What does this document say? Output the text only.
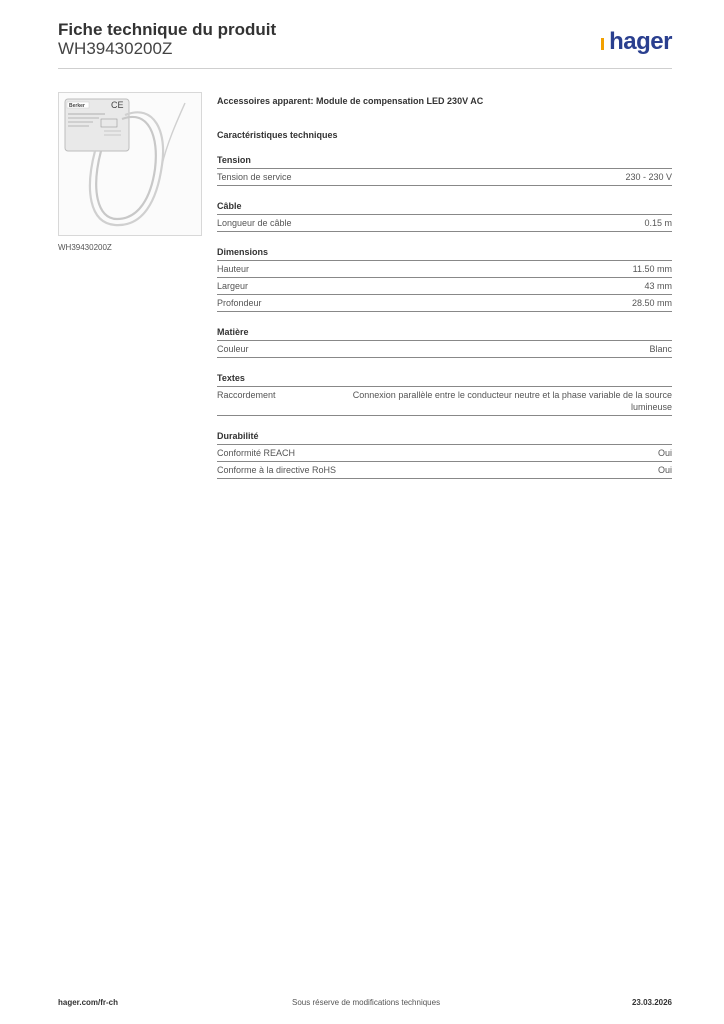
Fiche technique du produit
WH39430200Z	hager
Berker	CE
WH39430200Z
Accessoires apparent: Module de compensation LED 230V AC
Caractéristiques techniques
Tension
Tension de service	230 - 230 V
Câble
Longueur de câble	0.15 m
Dimensions
Hauteur	11.50 mm
Largeur	43 mm
Profondeur	28.50 mm
Matière
Couleur	Blanc
Textes
Raccordement	Connexion parallèle entre le conducteur neutre et la phase variable de la source lumineuse
Durabilité
Conformité REACH	Oui
Conforme à la directive RoHS	Oui
hager.com/fr-ch	Sous réserve de modifications techniques	23.03.2026
